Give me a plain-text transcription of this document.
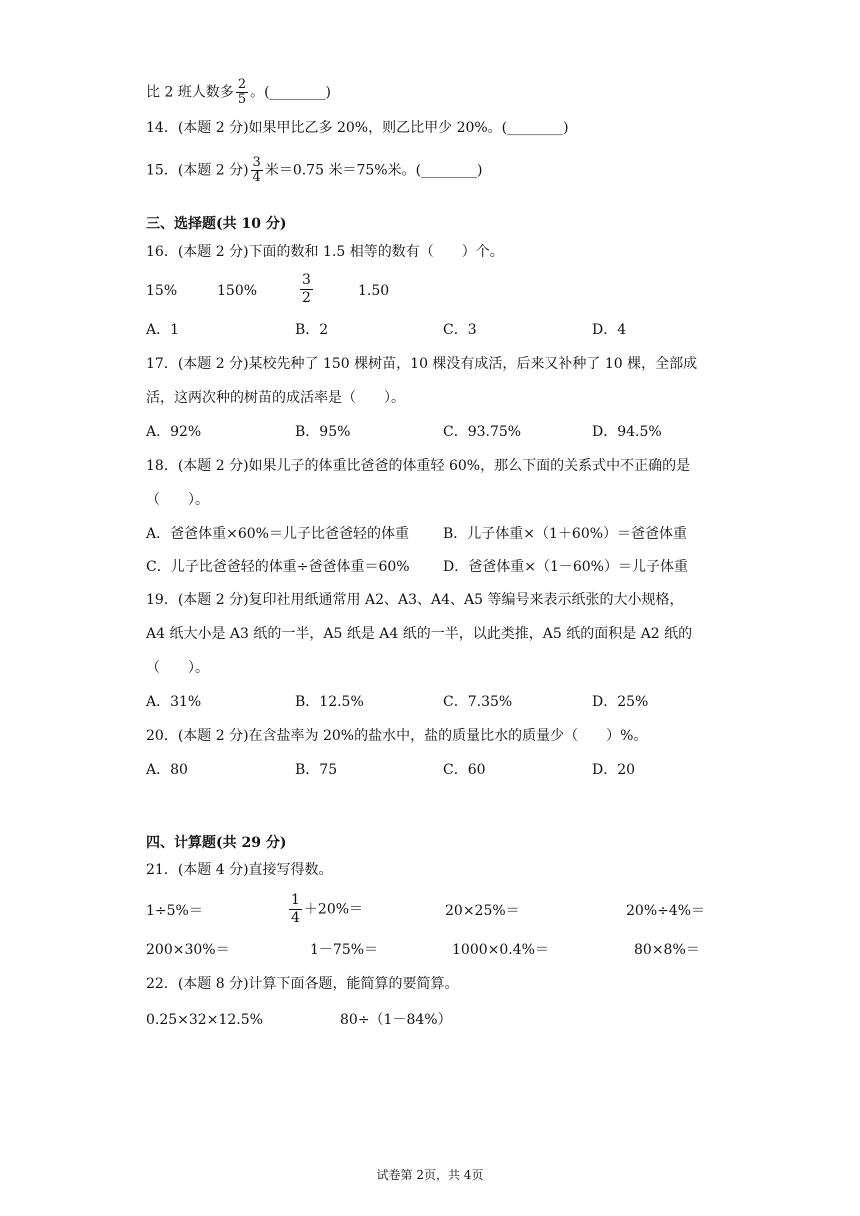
比 2 班人数多 $\frac{2}{5}$ 。(________)
14．(本题 2 分)如果甲比乙多 20%，则乙比甲少 20%。(________)
15．(本题 2 分) $\frac{3}{4}$ 米＝0.75 米＝75%米。(________)
三、选择题(共 10 分)
16．(本题 2 分)下面的数和 1.5 相等的数有（　　）个。
15%	150%	$\frac{3}{2}$	1.50
A．1	B．2	C．3	D．4
17．(本题 2 分)某校先种了 150 棵树苗，10 棵没有成活，后来又补种了 10 棵，全部成
活，这两次种的树苗的成活率是（　　）。
A．92%	B．95%	C．93.75%	D．94.5%
18．(本题 2 分)如果儿子的体重比爸爸的体重轻 60%，那么下面的关系式中不正确的是
（　　）。
A．爸爸体重×60%＝儿子比爸爸轻的体重 B．儿子体重×（1＋60%）＝爸爸体重
C．儿子比爸爸轻的体重÷爸爸体重＝60% D．爸爸体重×（1－60%）＝儿子体重
19．(本题 2 分)复印社用纸通常用 A2、A3、A4、A5 等编号来表示纸张的大小规格，
A4 纸大小是 A3 纸的一半，A5 纸是 A4 纸的一半，以此类推，A5 纸的面积是 A2 纸的
（　　）。
A．31%	B．12.5%	C．7.35%	D．25%
20．(本题 2 分)在含盐率为 20%的盐水中，盐的质量比水的质量少（　　）%。
A．80	B．75	C．60	D．20
四、计算题(共 29 分)
21．(本题 4 分)直接写得数。
1÷5%＝	$\frac{1}{4} +20\%=$	20×25%＝	20%÷4%＝
200×30%＝	1－75%＝	1000×0.4%＝	80×8%＝
22．(本题 8 分)计算下面各题，能简算的要简算。
0.25×32×12.5%	80÷（1－84%）
试卷第 2页，共 4页
